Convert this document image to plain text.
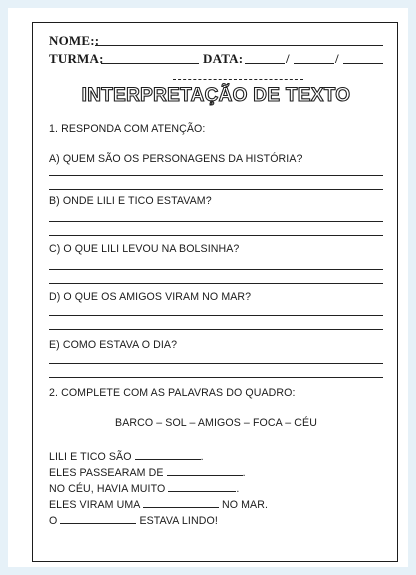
NOME::
TURMA:	DATA:	/	/
INTERPRETAÇÃO DE TEXTO
1. RESPONDA COM ATENÇÃO:
A) QUEM SÃO OS PERSONAGENS DA HISTÓRIA?
B) ONDE LILI E TICO ESTAVAM?
C) O QUE LILI LEVOU NA BOLSINHA?
D) O QUE OS AMIGOS VIRAM NO MAR?
E) COMO ESTAVA O DIA?
2. COMPLETE COM AS PALAVRAS DO QUADRO:
BARCO – SOL – AMIGOS – FOCA – CÉU
LILI E TICO SÃO	.
ELES PASSEARAM DE	.
NO CÉU, HAVIA MUITO	.
ELES VIRAM UMA	NO MAR.
O	ESTAVA LINDO!
